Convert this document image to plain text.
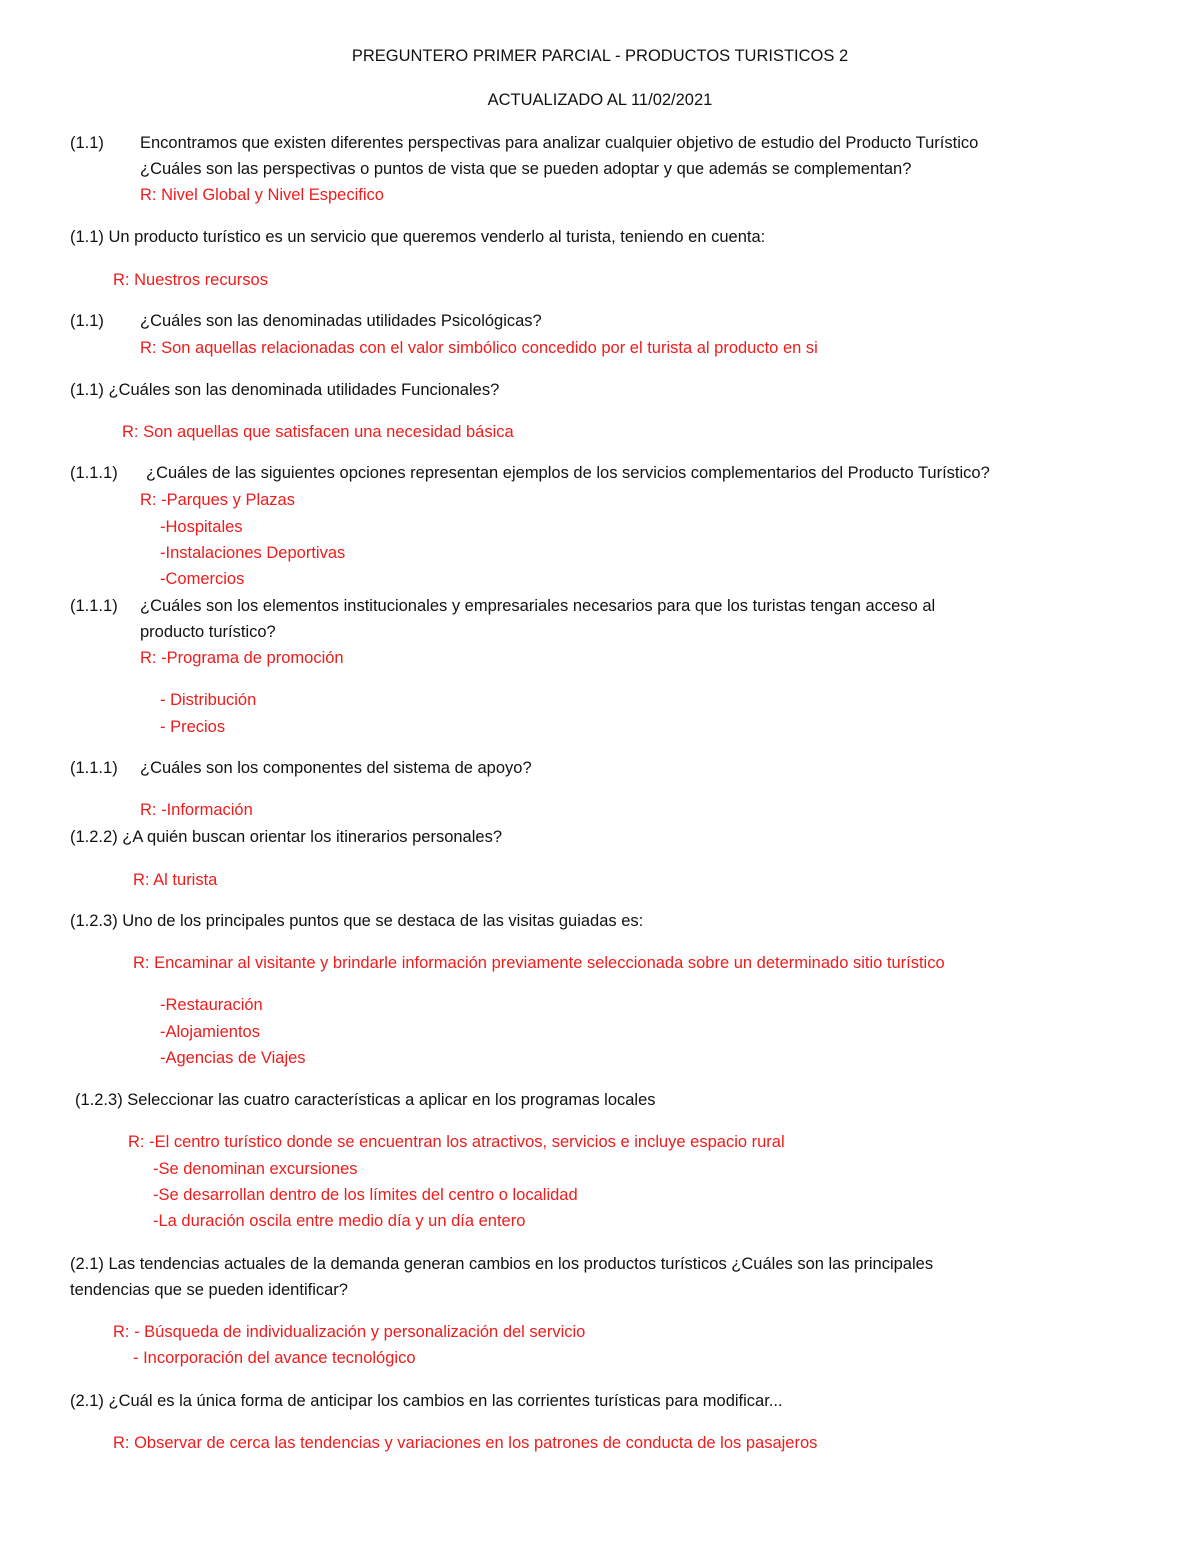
PREGUNTERO PRIMER PARCIAL - PRODUCTOS TURISTICOS 2
ACTUALIZADO AL 11/02/2021
(1.1) Encontramos que existen diferentes perspectivas para analizar cualquier objetivo de estudio del Producto Turístico
¿Cuáles son las perspectivas o puntos de vista que se pueden adoptar y que además se complementan?
R: Nivel Global y Nivel Especifico
(1.1) Un producto turístico es un servicio que queremos venderlo al turista, teniendo en cuenta:
R: Nuestros recursos
(1.1) ¿Cuáles son las denominadas utilidades Psicológicas?
R: Son aquellas relacionadas con el valor simbólico concedido por el turista al producto en si
(1.1) ¿Cuáles son las denominada utilidades Funcionales?
R: Son aquellas que satisfacen una necesidad básica
(1.1.1) ¿Cuáles de las siguientes opciones representan ejemplos de los servicios complementarios del Producto Turístico?
R: -Parques y Plazas
-Hospitales
-Instalaciones Deportivas
-Comercios
(1.1.1) ¿Cuáles son los elementos institucionales y empresariales necesarios para que los turistas tengan acceso al
producto turístico?
R: -Programa de promoción
- Distribución
- Precios
(1.1.1) ¿Cuáles son los componentes del sistema de apoyo?
R: -Información
(1.2.2) ¿A quién buscan orientar los itinerarios personales?
R: Al turista
(1.2.3) Uno de los principales puntos que se destaca de las visitas guiadas es:
R: Encaminar al visitante y brindarle información previamente seleccionada sobre un determinado sitio turístico
-Restauración
-Alojamientos
-Agencias de Viajes
(1.2.3) Seleccionar las cuatro características a aplicar en los programas locales
R: -El centro turístico donde se encuentran los atractivos, servicios e incluye espacio rural
-Se denominan excursiones
-Se desarrollan dentro de los límites del centro o localidad
-La duración oscila entre medio día y un día entero
(2.1) Las tendencias actuales de la demanda generan cambios en los productos turísticos ¿Cuáles son las principales
tendencias que se pueden identificar?
R: - Búsqueda de individualización y personalización del servicio
- Incorporación del avance tecnológico
(2.1) ¿Cuál es la única forma de anticipar los cambios en las corrientes turísticas para modificar...
R: Observar de cerca las tendencias y variaciones en los patrones de conducta de los pasajeros
